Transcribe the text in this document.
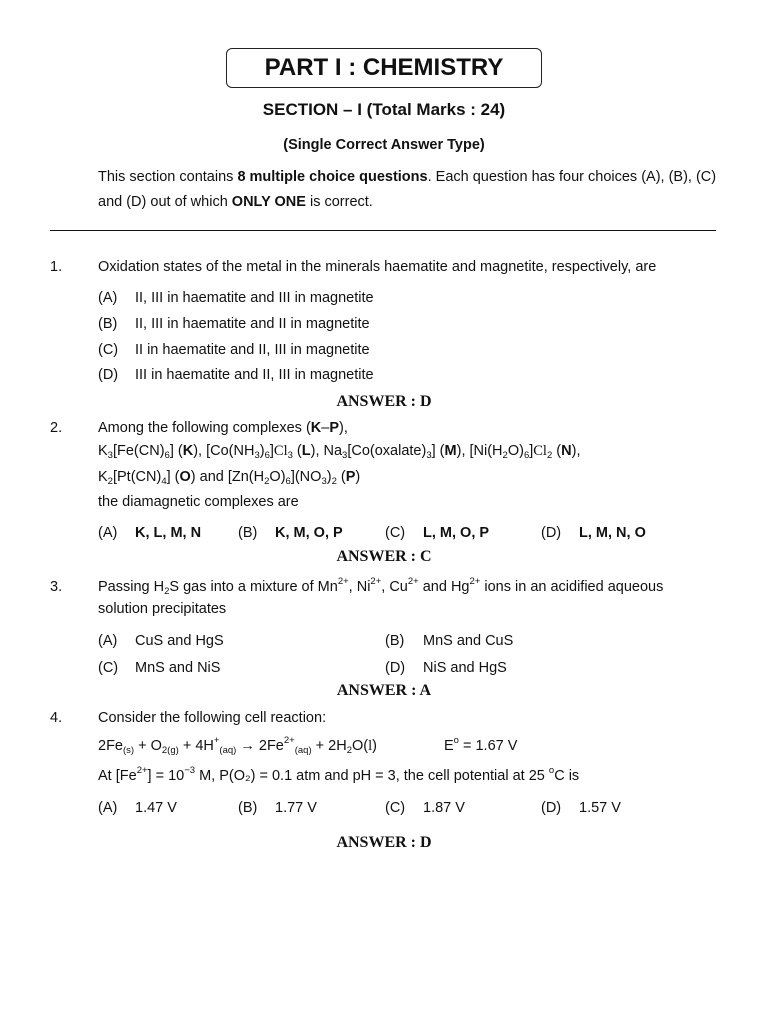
PART I : CHEMISTRY
SECTION – I (Total Marks : 24)
(Single Correct Answer Type)
This section contains 8 multiple choice questions. Each question has four choices (A), (B), (C) and (D) out of which ONLY ONE is correct.
1. Oxidation states of the metal in the minerals haematite and magnetite, respectively, are
(A) II, III in haematite and III in magnetite
(B) II, III in haematite and II in magnetite
(C) II in haematite and II, III in magnetite
(D) III in haematite and II, III in magnetite
ANSWER : D
2. Among the following complexes (K–P),
$K_3[Fe(CN)_6]$ (K), $[Co(NH_3)_6]Cl_3$ (L), $Na_3[Co(oxalate)_3]$ (M), $[Ni(H_2O)_6]Cl_2$ (N),
$K_2[Pt(CN)_4]$ (O) and $[Zn(H_2O)_6](NO_3)_2$ (P)
the diamagnetic complexes are
(A) K, L, M, N	(B) K, M, O, P	(C) L, M, O, P	(D) L, M, N, O
ANSWER : C
3. Passing $H_2S$ gas into a mixture of $Mn^{2+}$, $Ni^{2+}$, $Cu^{2+}$ and $Hg^{2+}$ ions in an acidified aqueous
solution precipitates
(A) CuS and HgS	(B) MnS and CuS
(C) MnS and NiS	(D) NiS and HgS
ANSWER : A
4. Consider the following cell reaction:
$2Fe_{(s)} + O_{2(g)} + 4H^+_{(aq)} \to 2Fe^{2+}_{(aq)} + 2H_2O(l)$	$E^o = 1.67$ V
At $[Fe^{2+}] = 10^{-3}$ M, P(O₂) = 0.1 atm and pH = 3, the cell potential at 25 $^o$C is
(A) 1.47 V	(B) 1.77 V	(C) 1.87 V	(D) 1.57 V
ANSWER : D
